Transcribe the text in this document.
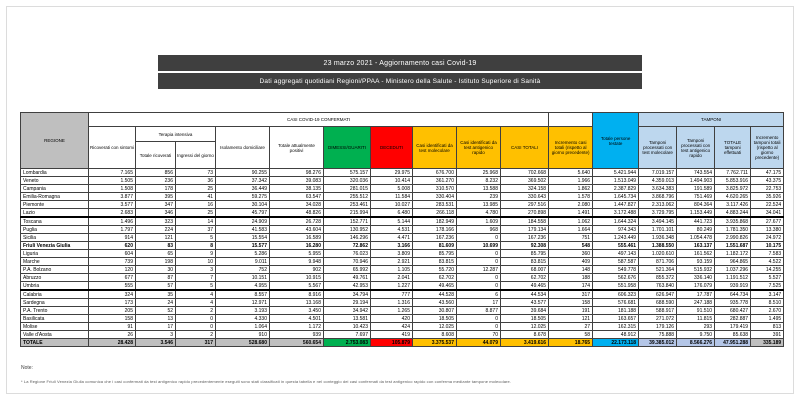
23 marzo 2021 - Aggiornamento casi Covid-19
Dati aggregati quotidiani Regioni/PPAA - Ministero della Salute - Istituto Superiore di Sanità
REGIONE	CASI COVID-19 CONFERMATI											Totale persone testate	TAMPONI			
	Ricoverati con sintomi	Terapia intensiva		Isolamento domiciliare	Totale attualmente positivi	DIMESSI/GUARITI	DECEDUTI	Casi identificati da test molecolare	Casi identificati da test antigenico rapido	CASI TOTALI	Incremento casi totali (rispetto al giorno precedente)		Tamponi processati con test molecolare	Tamponi processati con test antigenico rapido	TOTALE tamponi effettuati	Incremento tamponi totali (rispetto al giorno precedente)
		Totale ricoverati	Ingressi del giorno													
Lombardia	7.165	856	73	90.255	98.276	575.157	29.975	676.700	25.968	702.668	5.640	5.421.944	7.019.157	743.554	7.762.711	47.175
Veneto	1.505	236	36	37.342	39.083	320.036	10.414	361.270	8.232	369.502	1.966	1.513.049	4.359.013	1.494.903	5.853.916	43.375
Campania	1.508	178	25	36.449	38.135	281.015	5.008	310.570	13.588	324.158	1.862	2.387.829	3.634.383	191.589	3.825.972	22.753
Emilia-Romagna	3.877	395	41	59.275	63.547	255.512	11.584	330.404	239	330.643	1.578	1.645.734	3.868.796	751.469	4.620.265	35.926
Piemonte	3.577	347	16	30.104	34.028	253.461	10.027	283.531	13.985	297.516	2.080	1.447.827	2.313.062	804.364	3.117.426	22.524
Lazio	2.683	346	25	45.797	48.826	215.994	6.480	266.118	4.780	270.898	1.491	3.172.488	3.729.795	1.153.449	4.883.244	34.041
Toscana	1.496	323	14	24.909	26.728	152.771	5.144	182.949	1.609	184.558	1.062	1.644.324	3.494.145	441.723	3.935.868	27.677
Puglia	1.797	224	37	41.583	43.604	130.952	4.531	178.166	968	179.134	1.664	974.343	1.701.101	80.249	1.781.350	13.380
Sicilia	914	121	5	15.554	16.589	146.296	4.471	167.236	0	167.236	751	1.243.449	1.936.348	1.054.478	2.990.826	24.972
Friuli Venezia Giulia	620	83	8	15.577	16.280	72.862	3.166	81.609	10.699	92.308	548	555.461	1.388.550	163.137	1.551.687	10.175
Liguria	604	65	9	5.286	5.955	76.023	3.809	85.795	0	85.795	360	497.143	1.020.610	161.562	1.182.172	7.583
Marche	739	198	10	9.011	9.948	70.946	2.921	83.815	0	83.815	409	587.587	871.706	93.159	964.865	4.522
P.A. Bolzano	120	30	3	752	902	65.992	1.105	55.720	12.287	68.007	148	549.778	521.364	515.932	1.037.296	14.255
Abruzzo	677	87	7	10.151	10.915	49.761	2.041	62.702	0	62.702	188	562.676	855.372	336.140	1.191.512	5.527
Umbria	555	57	5	4.955	5.567	42.953	1.227	49.465	0	49.465	174	551.958	763.840	176.079	939.919	7.525
Calabria	324	35	4	8.557	8.916	34.794	777	44.528	6	44.534	317	606.323	626.947	17.787	644.734	3.147
Sardegna	173	24	4	12.971	13.168	29.194	1.316	43.560	17	43.577	158	576.681	688.590	247.188	935.778	8.510
P.A. Trento	205	52	2	3.193	3.450	34.942	1.265	30.807	8.877	39.684	191	181.188	588.917	91.510	680.427	2.670
Basilicata	158	13	0	4.330	4.501	13.581	420	18.505	0	18.505	121	163.657	271.072	11.815	282.887	1.495
Molise	91	17	0	1.064	1.172	10.423	424	12.025	0	12.025	27	162.315	179.126	293	179.419	813
Valle d'Aosta	26	3	2	910	939	7.697	419	8.608	70	8.678	58	48.912	75.888	9.750	85.638	391
TOTALE	28.428	3.546	317	528.680	560.654	2.753.083	105.879	3.375.537	44.079	3.419.616	18.765	22.173.118	39.385.012	8.566.276	47.951.288	335.189
Note:
* La Regione Friuli Venezia Giulia comunica che i casi confermati da test antigenico rapido precedentemente eseguiti sono stati classificati in questa tabella e nel conteggio dei casi confermati da test antigenico rapido con conferma mediante tampone molecolare.
